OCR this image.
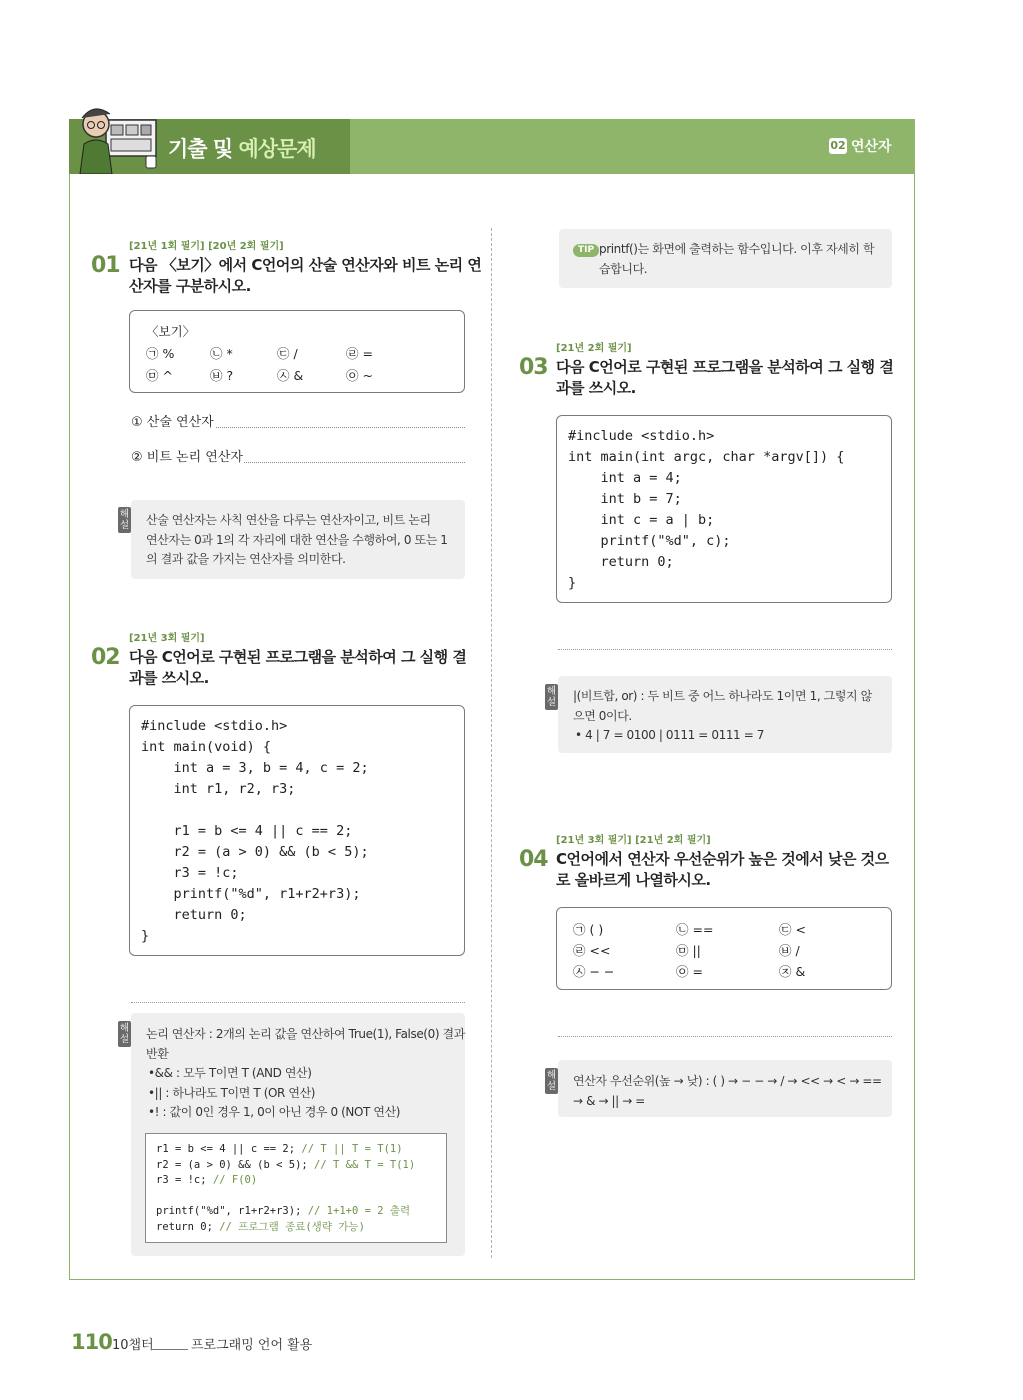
기출 및 예상문제	02 연산자
[21년 1회 필기] [20년 2회 필기]
01 다음 〈보기〉에서 C언어의 산술 연산자와 비트 논리 연
산자를 구분하시오.
〈보기〉
㉠ %	㉡ *	㉢ /	㉣ =
㉤ ^	㉥ ?	㉦ &	㉧ ~
① 산술 연산자
② 비트 논리 연산자
해설 산술 연산자는 사칙 연산을 다루는 연산자이고, 비트 논리
연산자는 0과 1의 각 자리에 대한 연산을 수행하여, 0 또는 1
의 결과 값을 가지는 연산자를 의미한다.
[21년 3회 필기]
02 다음 C언어로 구현된 프로그램을 분석하여 그 실행 결
과를 쓰시오.
#include <stdio.h>
int main(void) {
int a = 3, b = 4, c = 2;
int r1, r2, r3;

r1 = b <= 4 || c == 2;
r2 = (a > 0) && (b < 5);
r3 = !c;
printf("%d", r1+r2+r3);
return 0;
}
해설 논리 연산자 : 2개의 논리 값을 연산하여 True(1), False(0) 결과
반환
•&& : 모두 T이면 T (AND 연산)
•|| : 하나라도 T이면 T (OR 연산)
•! : 값이 0인 경우 1, 0이 아닌 경우 0 (NOT 연산)
r1 = b <= 4 || c == 2; // T || T = T(1)
r2 = (a > 0) && (b < 5); // T && T = T(1)
r3 = !c; // F(0)
printf("%d", r1+r2+r3); // 1+1+0 = 2 출력
return 0; // 프로그램 종료(생략 가능)
TIP printf()는 화면에 출력하는 함수입니다. 이후 자세히 학
습합니다.
[21년 2회 필기]
03 다음 C언어로 구현된 프로그램을 분석하여 그 실행 결
과를 쓰시오.
#include <stdio.h>
int main(int argc, char *argv[]) {
int a = 4;
int b = 7;
int c = a | b;
printf("%d", c);
return 0;
}
해설 |(비트합, or) : 두 비트 중 어느 하나라도 1이면 1, 그렇지 않
으면 0이다.
• 4 | 7 = 0100 | 0111 = 0111 = 7
[21년 3회 필기] [21년 2회 필기]
04 C언어에서 연산자 우선순위가 높은 것에서 낮은 것으
로 올바르게 나열하시오.
㉠ ( )	㉡ ==	㉢ <
㉣ <<	㉤ ||	㉥ /
㉦ − −	㉧ =	㉨ &
해설 연산자 우선순위(높 → 낮) : ( ) → − − → / → << → < → ==
→ & → || → =
110 10챕터	프로그래밍 언어 활용
